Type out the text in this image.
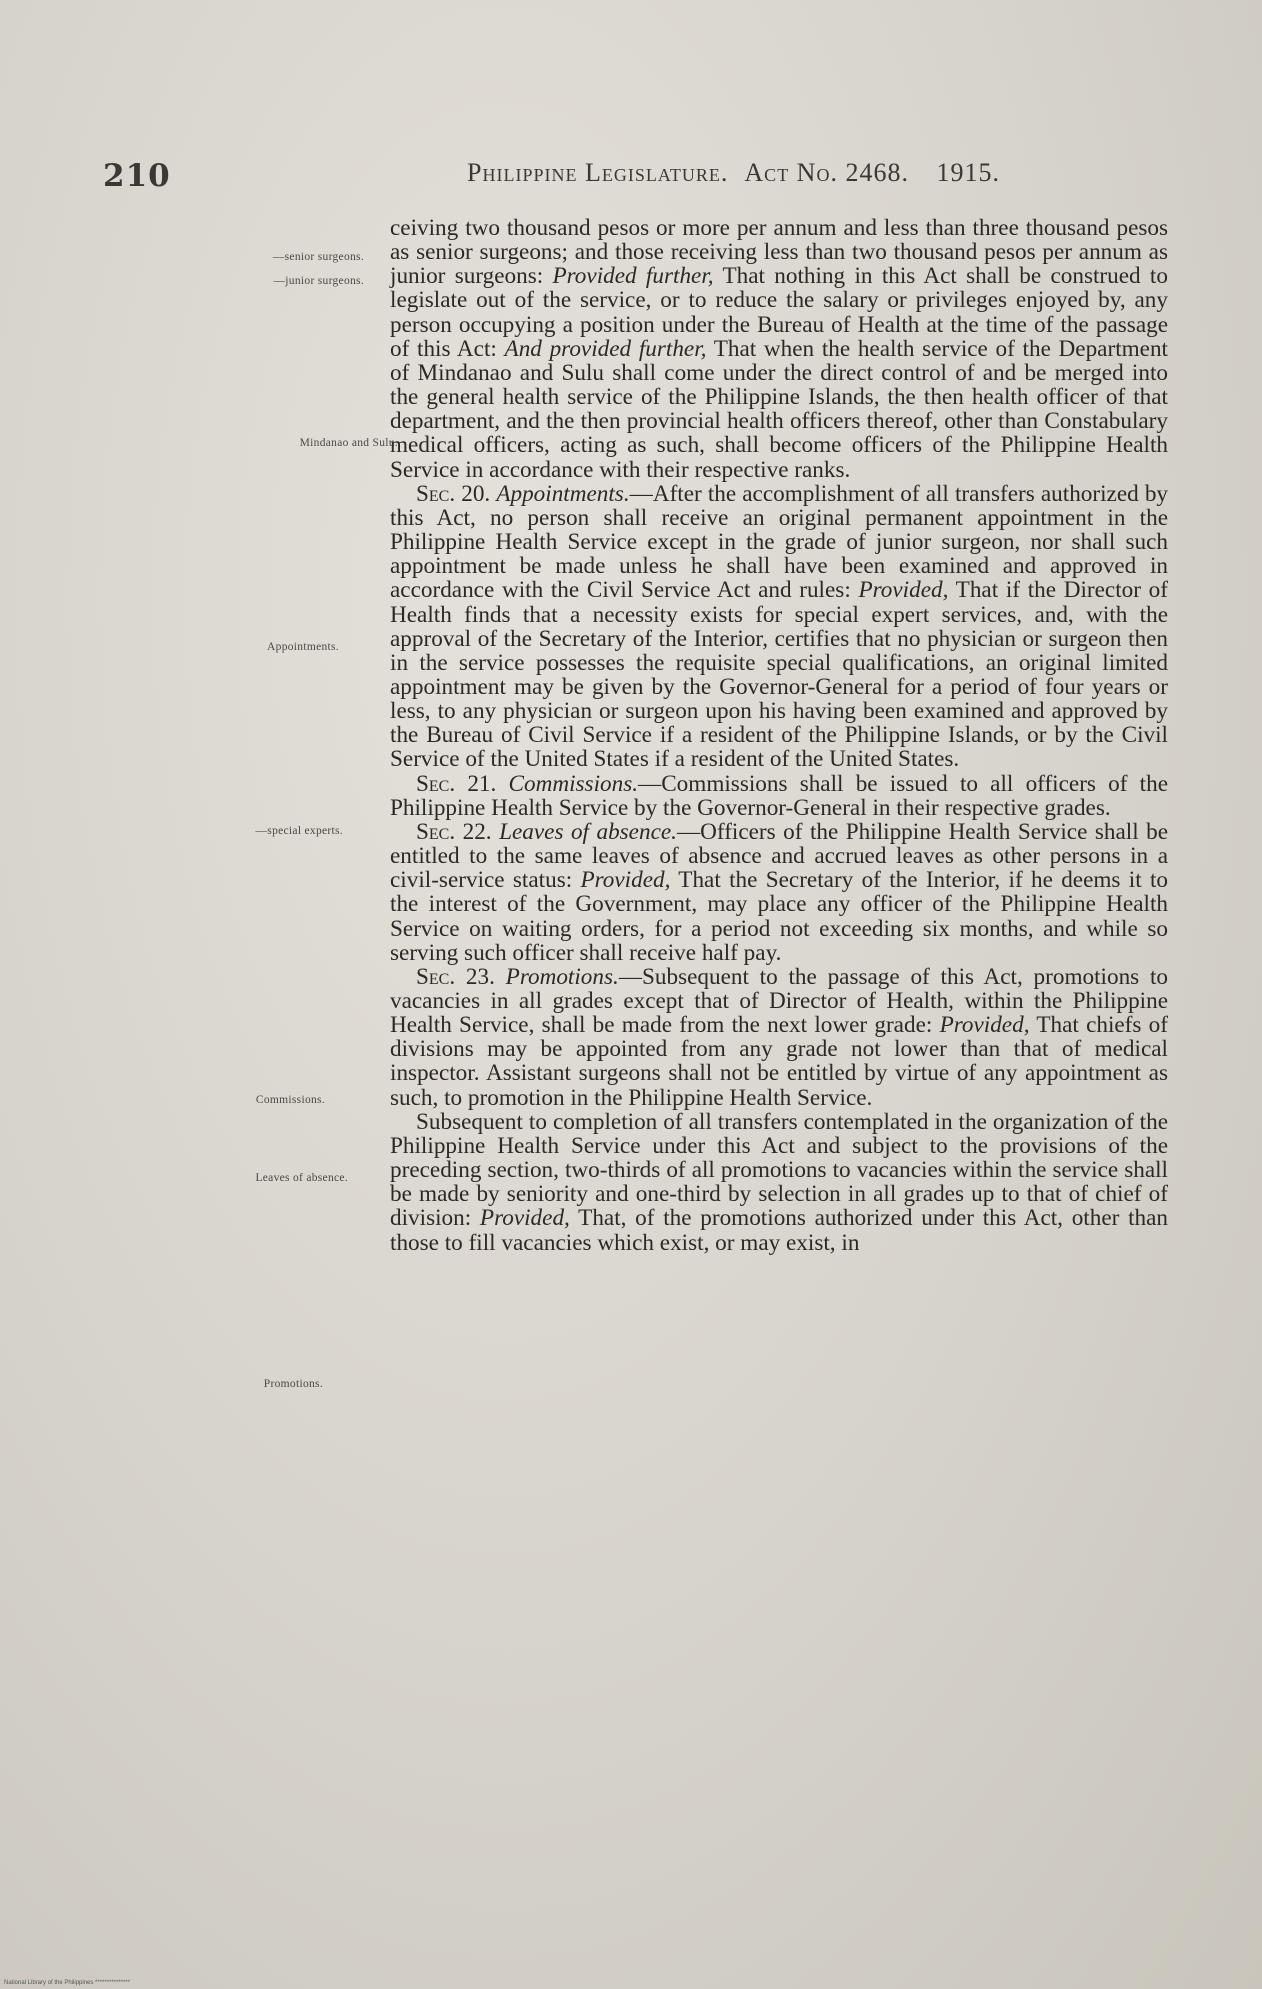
210	Philippine Legislature. Act No. 2468. 1915.
—senior surgeons.
—junior surgeons.
Mindanao and Sulu.
Appointments.
—special experts.
Commissions.
Leaves of absence.
Promotions.

ceiving two thousand pesos or more per annum and less than three thousand pesos as senior surgeons; and those receiving less than two thousand pesos per annum as junior surgeons: Provided further, That nothing in this Act shall be construed to legislate out of the service, or to reduce the salary or privileges enjoyed by, any person occupying a position under the Bureau of Health at the time of the passage of this Act: And provided further, That when the health service of the Department of Mindanao and Sulu shall come under the direct control of and be merged into the general health service of the Philippine Islands, the then health officer of that department, and the then provincial health officers thereof, other than Constabulary medical officers, acting as such, shall become officers of the Philippine Health Service in accordance with their respective ranks.

Sec. 20. Appointments.—After the accomplishment of all transfers authorized by this Act, no person shall receive an original permanent appointment in the Philippine Health Service except in the grade of junior surgeon, nor shall such appointment be made unless he shall have been examined and approved in accordance with the Civil Service Act and rules: Provided, That if the Director of Health finds that a necessity exists for special expert services, and, with the approval of the Secretary of the Interior, certifies that no physician or surgeon then in the service possesses the requisite special qualifications, an original limited appointment may be given by the Governor-General for a period of four years or less, to any physician or surgeon upon his having been examined and approved by the Bureau of Civil Service if a resident of the Philippine Islands, or by the Civil Service of the United States if a resident of the United States.

Sec. 21. Commissions.—Commissions shall be issued to all officers of the Philippine Health Service by the Governor-General in their respective grades.

Sec. 22. Leaves of absence.—Officers of the Philippine Health Service shall be entitled to the same leaves of absence and accrued leaves as other persons in a civil-service status: Provided, That the Secretary of the Interior, if he deems it to the interest of the Government, may place any officer of the Philippine Health Service on waiting orders, for a period not exceeding six months, and while so serving such officer shall receive half pay.

Sec. 23. Promotions.—Subsequent to the passage of this Act, promotions to vacancies in all grades except that of Director of Health, within the Philippine Health Service, shall be made from the next lower grade: Provided, That chiefs of divisions may be appointed from any grade not lower than that of medical inspector. Assistant surgeons shall not be entitled by virtue of any appointment as such, to promotion in the Philippine Health Service.

Subsequent to completion of all transfers contemplated in the organization of the Philippine Health Service under this Act and subject to the provisions of the preceding section, two-thirds of all promotions to vacancies within the service shall be made by seniority and one-third by selection in all grades up to that of chief of division: Provided, That, of the promotions authorized under this Act, other than those to fill vacancies which exist, or may exist, in

National Library of the Philippines ***************
